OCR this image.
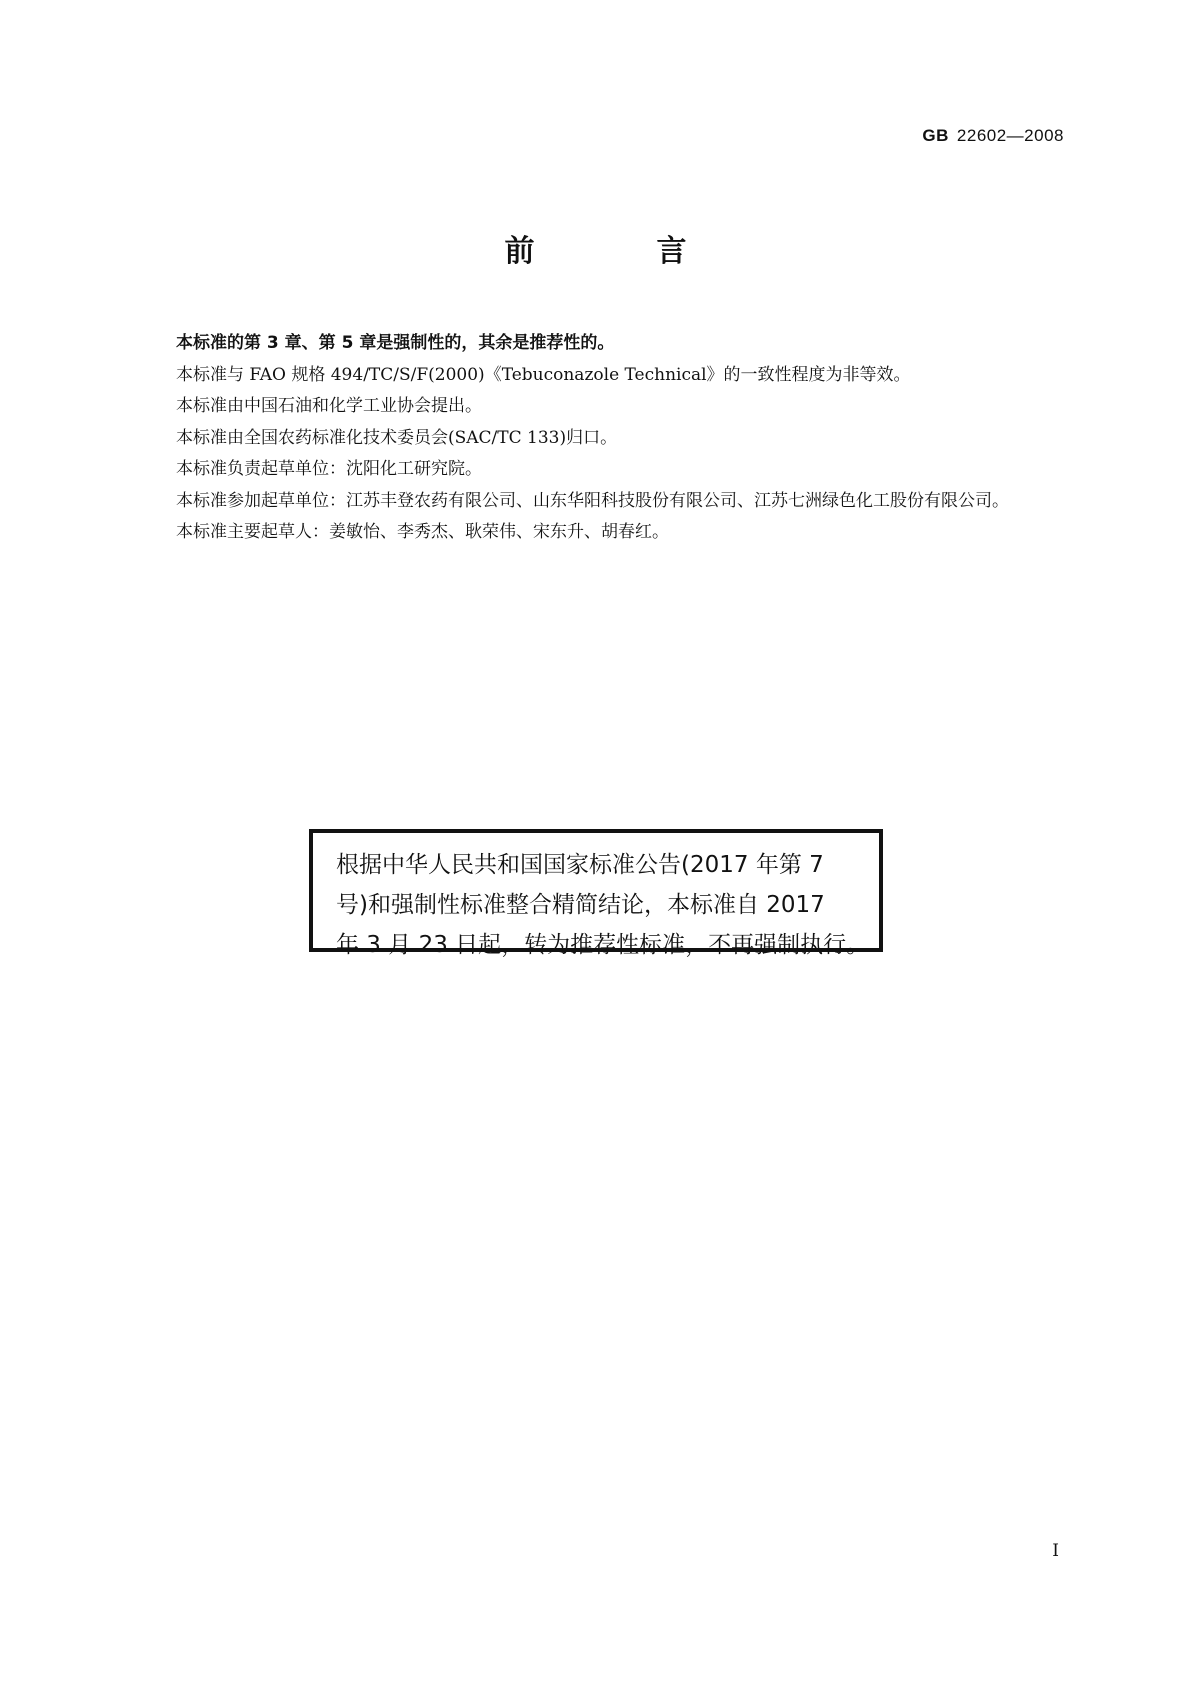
GB 22602—2008
前　言

本标准的第 3 章、第 5 章是强制性的，其余是推荐性的。

本标准与 FAO 规格 494/TC/S/F(2000)《Tebuconazole Technical》的一致性程度为非等效。

本标准由中国石油和化学工业协会提出。

本标准由全国农药标准化技术委员会(SAC/TC 133)归口。

本标准负责起草单位：沈阳化工研究院。

本标准参加起草单位：江苏丰登农药有限公司、山东华阳科技股份有限公司、江苏七洲绿色化工股份有限公司。

本标准主要起草人：姜敏怡、李秀杰、耿荣伟、宋东升、胡春红。

根据中华人民共和国国家标准公告(2017 年第 7
号)和强制性标准整合精简结论，本标准自 2017
年 3 月 23 日起，转为推荐性标准，不再强制执行。
I
